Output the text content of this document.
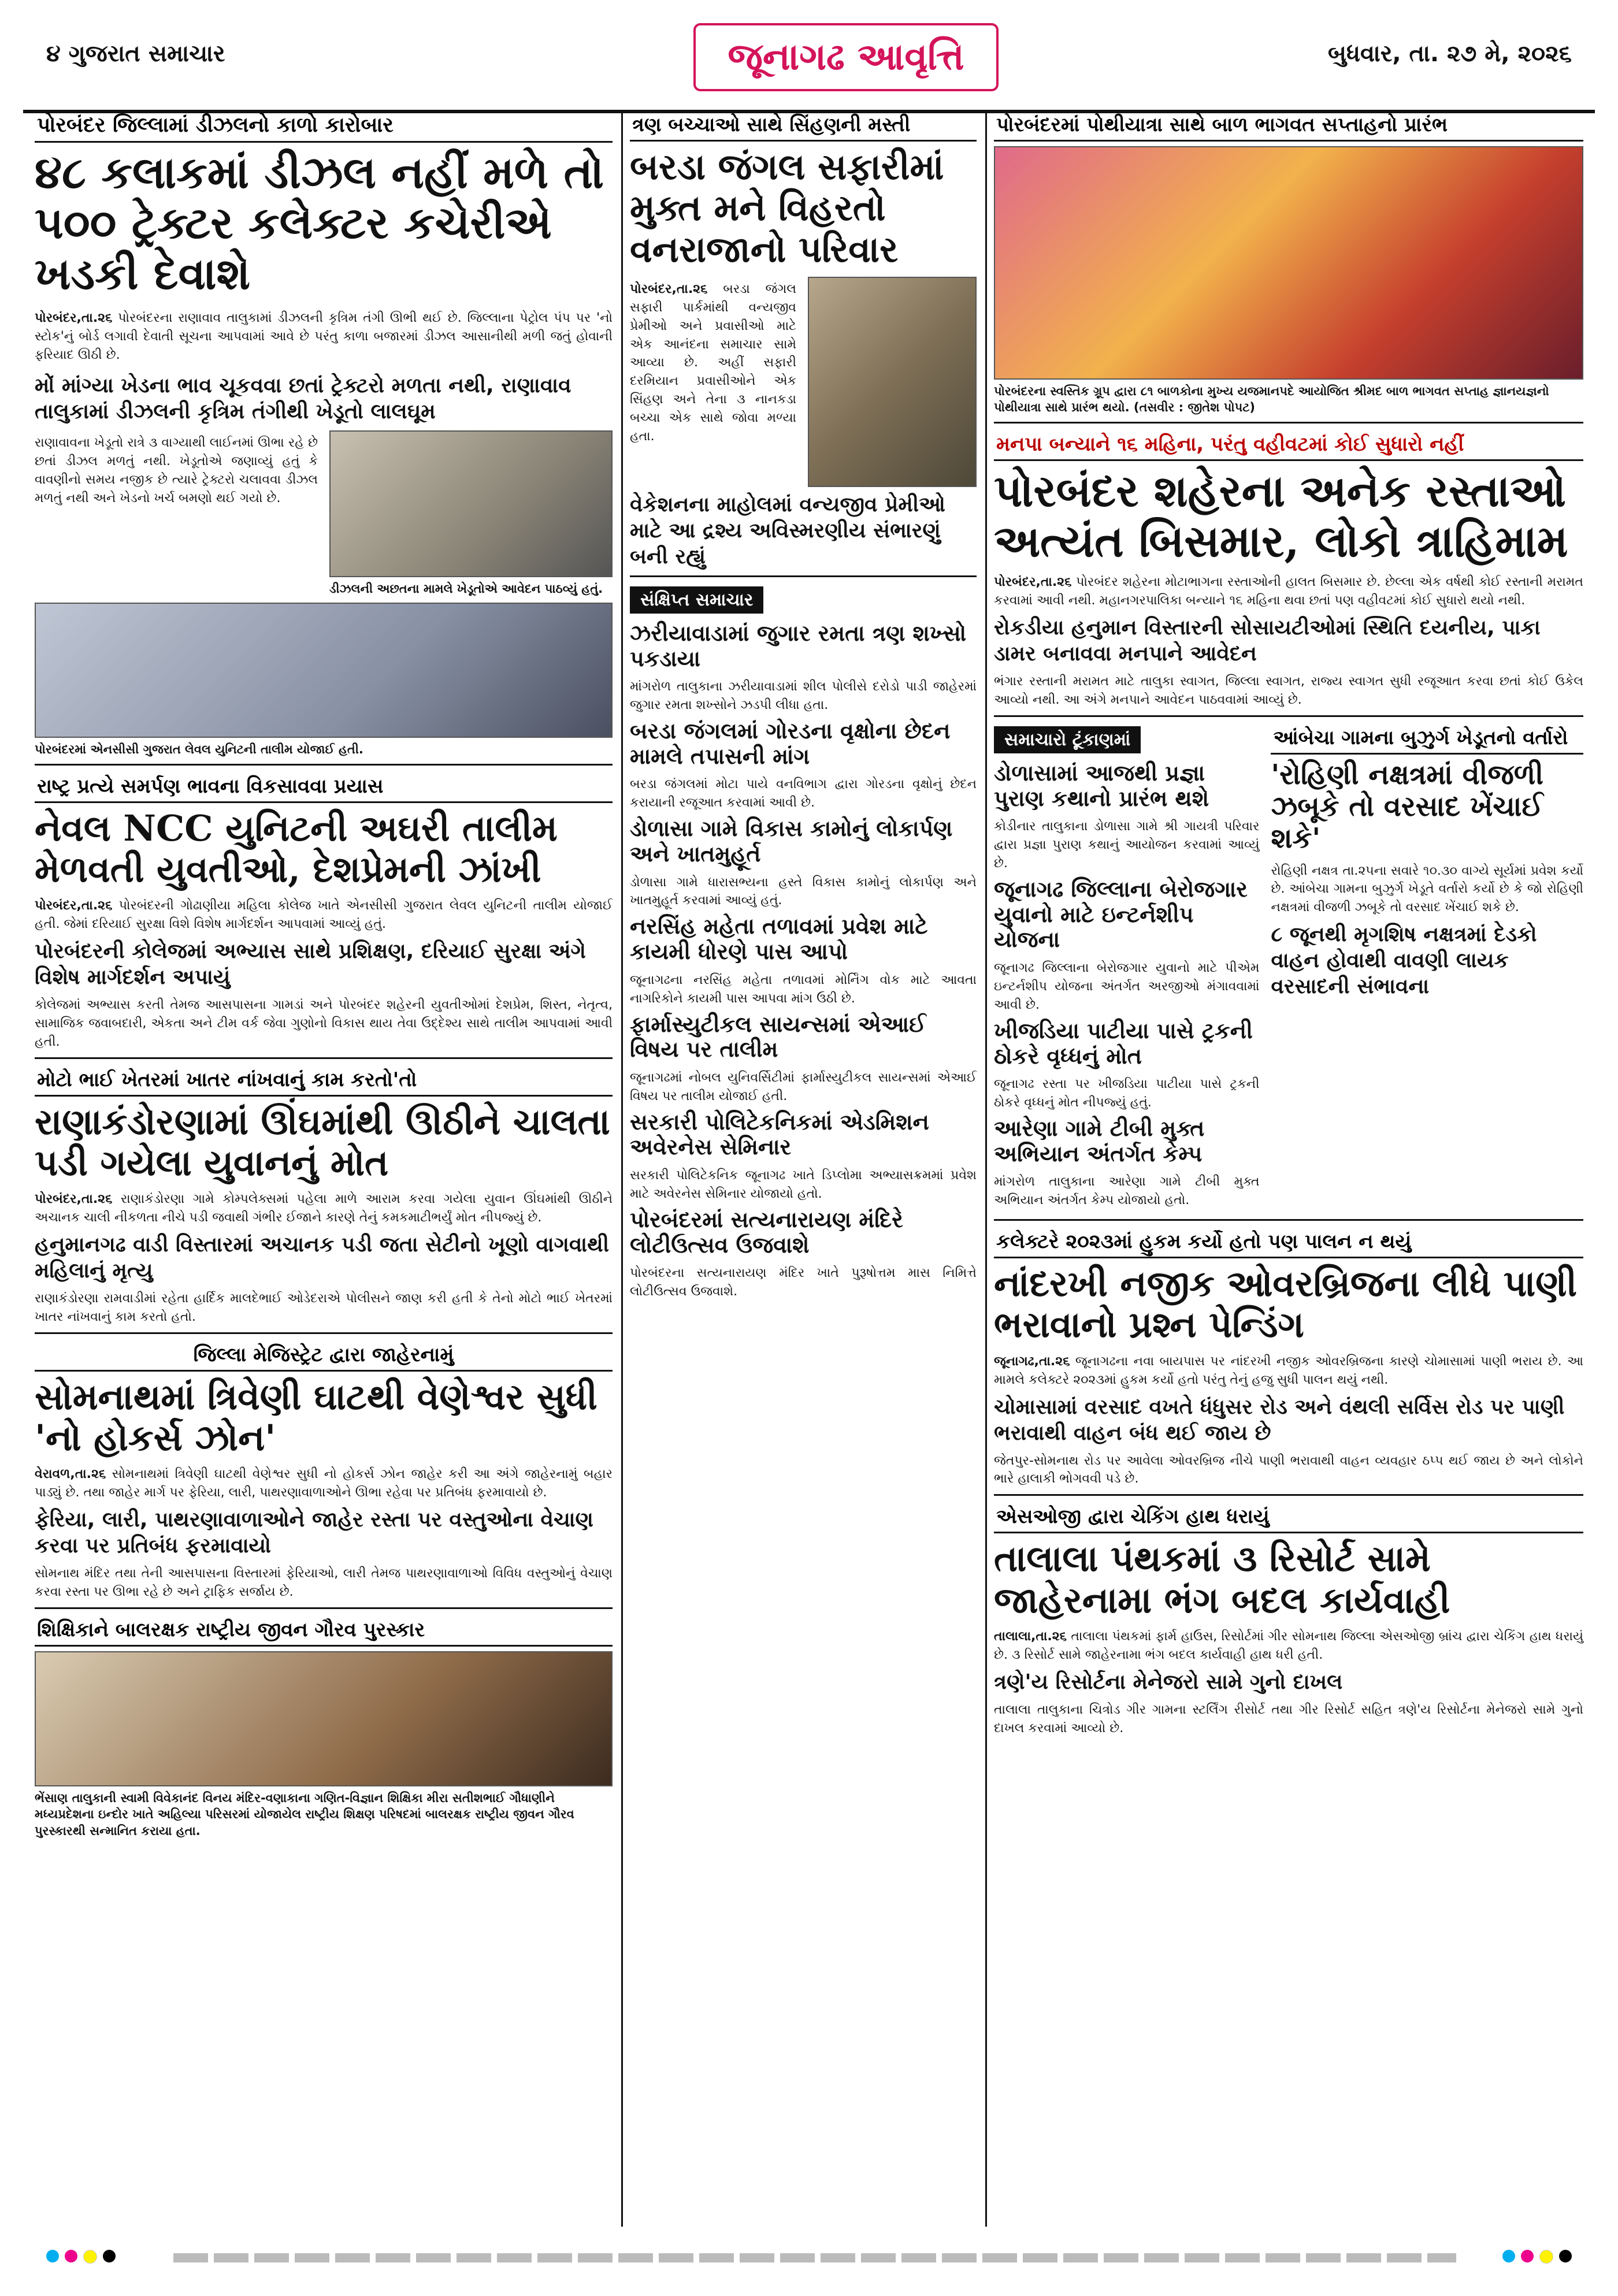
૪ ગુજરાત સમાચાર	જૂનાગઢ આવૃત્તિ	બુધવાર, તા. ૨૭ મે, ૨૦૨૬
પોરબંદર જિલ્લામાં ડીઝલનો કાળો કારોબાર
૪૮ કલાકમાં ડીઝલ નહીં મળે તો ૫૦૦ ટ્રેક્ટર કલેક્ટર કચેરીએ ખડકી દેવાશે
પોરબંદર,તા.૨૬ પોરબંદરના રાણાવાવ તાલુકામાં ડીઝલની કૃત્રિમ તંગી ઊભી થઈ છે. જિલ્લાના પેટ્રોલ પંપ પર 'નો સ્ટોક'નું બોર્ડ લગાવી દેવાતી સૂચના આપવામાં આવે છે પરંતુ કાળા બજારમાં ડીઝલ આસાનીથી મળી જતું હોવાની ફરિયાદ ઊઠી છે.
મોં માંગ્યા ખેડના ભાવ ચૂકવવા છતાં ટ્રેક્ટરો મળતા નથી, રાણાવાવ તાલુકામાં ડીઝલની કૃત્રિમ તંગીથી ખેડૂતો લાલઘૂમ
રાણાવાવના ખેડૂતો રાત્રે ૩ વાગ્યાથી લાઈનમાં ઊભા રહે છે છતાં ડીઝલ મળતું નથી. ખેડૂતોએ જણાવ્યું હતું કે વાવણીનો સમય નજીક છે ત્યારે ટ્રેક્ટરો ચલાવવા ડીઝલ મળતું નથી અને ખેડનો ખર્ચ બમણો થઈ ગયો છે.
ડીઝલની અછતના મામલે ખેડૂતોએ આવેદન પાઠવ્યું હતું.
પોરબંદરમાં એનસીસી ગુજરાત લેવલ યુનિટની તાલીમ યોજાઈ હતી.
રાષ્ટ્ર પ્રત્યે સમર્પણ ભાવના વિકસાવવા પ્રયાસ
નેવલ NCC યુનિટની અઘરી તાલીમ મેળવતી યુવતીઓ, દેશપ્રેમની ઝાંખી
પોરબંદર,તા.૨૬ પોરબંદરની ગોઢાણીયા મહિલા કોલેજ ખાતે એનસીસી ગુજરાત લેવલ યુનિટની તાલીમ યોજાઈ હતી. જેમાં દરિયાઈ સુરક્ષા વિશે વિશેષ માર્ગદર્શન આપવામાં આવ્યું હતું.
પોરબંદરની કોલેજમાં અભ્યાસ સાથે પ્રશિક્ષણ, દરિયાઈ સુરક્ષા અંગે વિશેષ માર્ગદર્શન અપાયું
કોલેજમાં અભ્યાસ કરતી તેમજ આસપાસના ગામડાં અને પોરબંદર શહેરની યુવતીઓમાં દેશપ્રેમ, શિસ્ત, નેતૃત્વ, સામાજિક જવાબદારી, એકતા અને ટીમ વર્ક જેવા ગુણોનો વિકાસ થાય તેવા ઉદ્દેશ્ય સાથે તાલીમ આપવામાં આવી હતી.
મોટો ભાઈ ખેતરમાં ખાતર નાંખવાનું કામ કરતો'તો
રાણાકંડોરણામાં ઊંઘમાંથી ઊઠીને ચાલતા પડી ગયેલા યુવાનનું મોત
પોરબંદર,તા.૨૬ રાણાકંડોરણા ગામે કોમ્પલેક્સમાં પહેલા માળે આરામ કરવા ગયેલા યુવાન ઊંઘમાંથી ઊઠીને અચાનક ચાલી નીકળતા નીચે પડી જવાથી ગંભીર ઈજાને કારણે તેનું કમકમાટીભર્યું મોત નીપજ્યું છે.
હનુમાનગઢ વાડી વિસ્તારમાં અચાનક પડી જતા સેટીનો ખૂણો વાગવાથી મહિલાનું મૃત્યુ
રાણાકંડોરણા રામવાડીમાં રહેતા હાર્દિક માલદેભાઈ ઓડેદરાએ પોલીસને જાણ કરી હતી કે તેનો મોટો ભાઈ ખેતરમાં ખાતર નાંખવાનું કામ કરતો હતો.
જિલ્લા મેજિસ્ટ્રેટ દ્વારા જાહેરનામું
સોમનાથમાં ત્રિવેણી ઘાટથી વેણેશ્વર સુધી 'નો હોકર્સ ઝોન'
વેરાવળ,તા.૨૬ સોમનાથમાં ત્રિવેણી ઘાટથી વેણેશ્વર સુધી નો હોકર્સ ઝોન જાહેર કરી આ અંગે જાહેરનામું બહાર પાડ્યું છે. તથા જાહેર માર્ગ પર ફેરિયા, લારી, પાથરણાવાળાઓને ઊભા રહેવા પર પ્રતિબંધ ફરમાવાયો છે.
ફેરિયા, લારી, પાથરણાવાળાઓને જાહેર રસ્તા પર વસ્તુઓના વેચાણ કરવા પર પ્રતિબંધ ફરમાવાયો
સોમનાથ મંદિર તથા તેની આસપાસના વિસ્તારમાં ફેરિયાઓ, લારી તેમજ પાથરણાવાળાઓ વિવિધ વસ્તુઓનું વેચાણ કરવા રસ્તા પર ઊભા રહે છે અને ટ્રાફિક સર્જાય છે.
શિક્ષિકાને બાલરક્ષક રાષ્ટ્રીય જીવન ગૌરવ પુરસ્કાર
ભેંસાણ તાલુકાની સ્વામી વિવેકાનંદ વિનય મંદિર-વણાકાના ગણિત-વિજ્ઞાન શિક્ષિકા મીરા સતીશભાઈ ગૌધાણીને મધ્યપ્રદેશના ઇન્દોર ખાતે અહિલ્યા પરિસરમાં યોજાયેલ રાષ્ટ્રીય શિક્ષણ પરિષદમાં બાલરક્ષક રાષ્ટ્રીય જીવન ગૌરવ પુરસ્કારથી સન્માનિત કરાયા હતા.
ત્રણ બચ્ચાઓ સાથે સિંહણની મસ્તી
બરડા જંગલ સફારીમાં મુક્ત મને વિહરતો વનરાજાનો પરિવાર
પોરબંદર,તા.૨૬ બરડા જંગલ સફારી પાર્કમાંથી વન્યજીવ પ્રેમીઓ અને પ્રવાસીઓ માટે એક આનંદના સમાચાર સામે આવ્યા છે. અહીં સફારી દરમિયાન પ્રવાસીઓને એક સિંહણ અને તેના ૩ નાનકડા બચ્ચા એક સાથે જોવા મળ્યા હતા.
વેકેશનના માહોલમાં વન્યજીવ પ્રેમીઓ માટે આ દ્રશ્ય અવિસ્મરણીય સંભારણું બની રહ્યું
સંક્ષિપ્ત સમાચાર
ઝરીયાવાડામાં જુગાર રમતા ત્રણ શખ્સો પકડાયા
માંગરોળ તાલુકાના ઝરીયાવાડામાં શીલ પોલીસે દરોડો પાડી જાહેરમાં જુગાર રમતા શખ્સોને ઝડપી લીધા હતા.
બરડા જંગલમાં ગોરડના વૃક્ષોના છેદન મામલે તપાસની માંગ
બરડા જંગલમાં મોટા પાયે વનવિભાગ દ્વારા ગોરડના વૃક્ષોનું છેદન કરાયાની રજૂઆત કરવામાં આવી છે.
ડોળાસા ગામે વિકાસ કામોનું લોકાર્પણ અને ખાતમુહૂર્ત
ડોળાસા ગામે ધારાસભ્યના હસ્તે વિકાસ કામોનું લોકાર્પણ અને ખાતમુહૂર્ત કરવામાં આવ્યું હતું.
નરસિંહ મહેતા તળાવમાં પ્રવેશ માટે કાયમી ધોરણે પાસ આપો
જૂનાગઢના નરસિંહ મહેતા તળાવમાં મોર્નિંગ વોક માટે આવતા નાગરિકોને કાયમી પાસ આપવા માંગ ઉઠી છે.
ફાર્માસ્યુટીકલ સાયન્સમાં એઆઈ વિષય પર તાલીમ
જૂનાગઢમાં નોબલ યુનિવર્સિટીમાં ફાર્માસ્યુટીકલ સાયન્સમાં એઆઈ વિષય પર તાલીમ યોજાઈ હતી.
સરકારી પોલિટેકનિકમાં એડમિશન અવેરનેસ સેમિનાર
સરકારી પોલિટેકનિક જૂનાગઢ ખાતે ડિપ્લોમા અભ્યાસક્રમમાં પ્રવેશ માટે અવેરનેસ સેમિનાર યોજાયો હતો.
પોરબંદરમાં સત્યનારાયણ મંદિરે લોટીઉત્સવ ઉજવાશે
પોરબંદરના સત્યનારાયણ મંદિર ખાતે પુરૂષોત્તમ માસ નિમિત્તે લોટીઉત્સવ ઉજવાશે.
પોરબંદરમાં પોથીયાત્રા સાથે બાળ ભાગવત સપ્તાહનો પ્રારંભ
પોરબંદરના સ્વસ્તિક ગ્રૂપ દ્વારા ૮૧ બાળકોના મુખ્ય યજમાનપદે આયોજિત શ્રીમદ બાળ ભાગવત સપ્તાહ જ્ઞાનયજ્ઞનો પોથીયાત્રા સાથે પ્રારંભ થયો. (તસવીર : જીતેશ પોપટ)
મનપા બન્યાને ૧૬ મહિના, પરંતુ વહીવટમાં કોઈ સુધારો નહીં
પોરબંદર શહેરના અનેક રસ્તાઓ અત્યંત બિસમાર, લોકો ત્રાહિમામ
પોરબંદર,તા.૨૬ પોરબંદર શહેરના મોટાભાગના રસ્તાઓની હાલત બિસમાર છે. છેલ્લા એક વર્ષથી કોઈ રસ્તાની મરામત કરવામાં આવી નથી. મહાનગરપાલિકા બન્યાને ૧૬ મહિના થવા છતાં પણ વહીવટમાં કોઈ સુધારો થયો નથી.
રોકડીયા હનુમાન વિસ્તારની સોસાયટીઓમાં સ્થિતિ દયનીય, પાકા ડામર બનાવવા મનપાને આવેદન
ભંગાર રસ્તાની મરામત માટે તાલુકા સ્વાગત, જિલ્લા સ્વાગત, રાજ્ય સ્વાગત સુધી રજૂઆત કરવા છતાં કોઈ ઉકેલ આવ્યો નથી. આ અંગે મનપાને આવેદન પાઠવવામાં આવ્યું છે.
સમાચારો ટૂંકાણમાં
ડોળાસામાં આજથી પ્રજ્ઞા પુરાણ કથાનો પ્રારંભ થશે
કોડીનાર તાલુકાના ડોળાસા ગામે શ્રી ગાયત્રી પરિવાર દ્વારા પ્રજ્ઞા પુરાણ કથાનું આયોજન કરવામાં આવ્યું છે.
જૂનાગઢ જિલ્લાના બેરોજગાર યુવાનો માટે ઇન્ટર્નશીપ યોજના
જૂનાગઢ જિલ્લાના બેરોજગાર યુવાનો માટે પીએમ ઇન્ટર્નશીપ યોજના અંતર્ગત અરજીઓ મંગાવવામાં આવી છે.
ખીજડિયા પાટીયા પાસે ટ્રકની ઠોકરે વૃધ્ધનું મોત
જૂનાગઢ રસ્તા પર ખીજડિયા પાટીયા પાસે ટ્રકની ઠોકરે વૃધ્ધનું મોત નીપજ્યું હતું.
આરેણા ગામે ટીબી મુક્ત અભિયાન અંતર્ગત કેમ્પ
માંગરોળ તાલુકાના આરેણા ગામે ટીબી મુક્ત અભિયાન અંતર્ગત કેમ્પ યોજાયો હતો.
આંબેચા ગામના બુઝુર્ગ ખેડૂતનો વર્તારો
'રોહિણી નક્ષત્રમાં વીજળી ઝબૂકે તો વરસાદ ખેંચાઈ શકે'
રોહિણી નક્ષત્ર તા.૨૫ના સવારે ૧૦.૩૦ વાગ્યે સૂર્યમાં પ્રવેશ કર્યો છે. આંબેચા ગામના બુઝુર્ગ ખેડૂતે વર્તારો કર્યો છે કે જો રોહિણી નક્ષત્રમાં વીજળી ઝબૂકે તો વરસાદ ખેંચાઈ શકે છે.
૮ જૂનથી મૃગશિષ નક્ષત્રમાં દેડકો વાહન હોવાથી વાવણી લાયક વરસાદની સંભાવના
કલેક્ટરે ૨૦૨૩માં હુકમ કર્યો હતો પણ પાલન ન થયું
નાંદરખી નજીક ઓવરબ્રિજના લીધે પાણી ભરાવાનો પ્રશ્ન પેન્ડિંગ
જૂનાગઢ,તા.૨૬ જૂનાગઢના નવા બાયપાસ પર નાંદરખી નજીક ઓવરબ્રિજના કારણે ચોમાસામાં પાણી ભરાય છે. આ મામલે કલેક્ટરે ૨૦૨૩માં હુકમ કર્યો હતો પરંતુ તેનું હજુ સુધી પાલન થયું નથી.
ચોમાસામાં વરસાદ વખતે ધંધુસર રોડ અને વંથલી સર્વિસ રોડ પર પાણી ભરાવાથી વાહન બંધ થઈ જાય છે
જેતપુર-સોમનાથ રોડ પર આવેલા ઓવરબ્રિજ નીચે પાણી ભરાવાથી વાહન વ્યવહાર ઠપ્પ થઈ જાય છે અને લોકોને ભારે હાલાકી ભોગવવી પડે છે.
એસઓજી દ્વારા ચેકિંગ હાથ ધરાયું
તાલાલા પંથકમાં ૩ રિસોર્ટ સામે જાહેરનામા ભંગ બદલ કાર્યવાહી
તાલાલા,તા.૨૬ તાલાલા પંથકમાં ફાર્મ હાઉસ, રિસોર્ટમાં ગીર સોમનાથ જિલ્લા એસઓજી બ્રાંચ દ્વારા ચેકિંગ હાથ ધરાયું છે. ૩ રિસોર્ટ સામે જાહેરનામા ભંગ બદલ કાર્યવાહી હાથ ધરી હતી.
ત્રણે'ય રિસોર્ટના મેનેજરો સામે ગુનો દાખલ
તાલાલા તાલુકાના ચિત્રોડ ગીર ગામના સ્ટર્લિંગ રીસોર્ટ તથા ગીર રિસોર્ટ સહિત ત્રણે'ય રિસોર્ટના મેનેજરો સામે ગુનો દાખલ કરવામાં આવ્યો છે.
